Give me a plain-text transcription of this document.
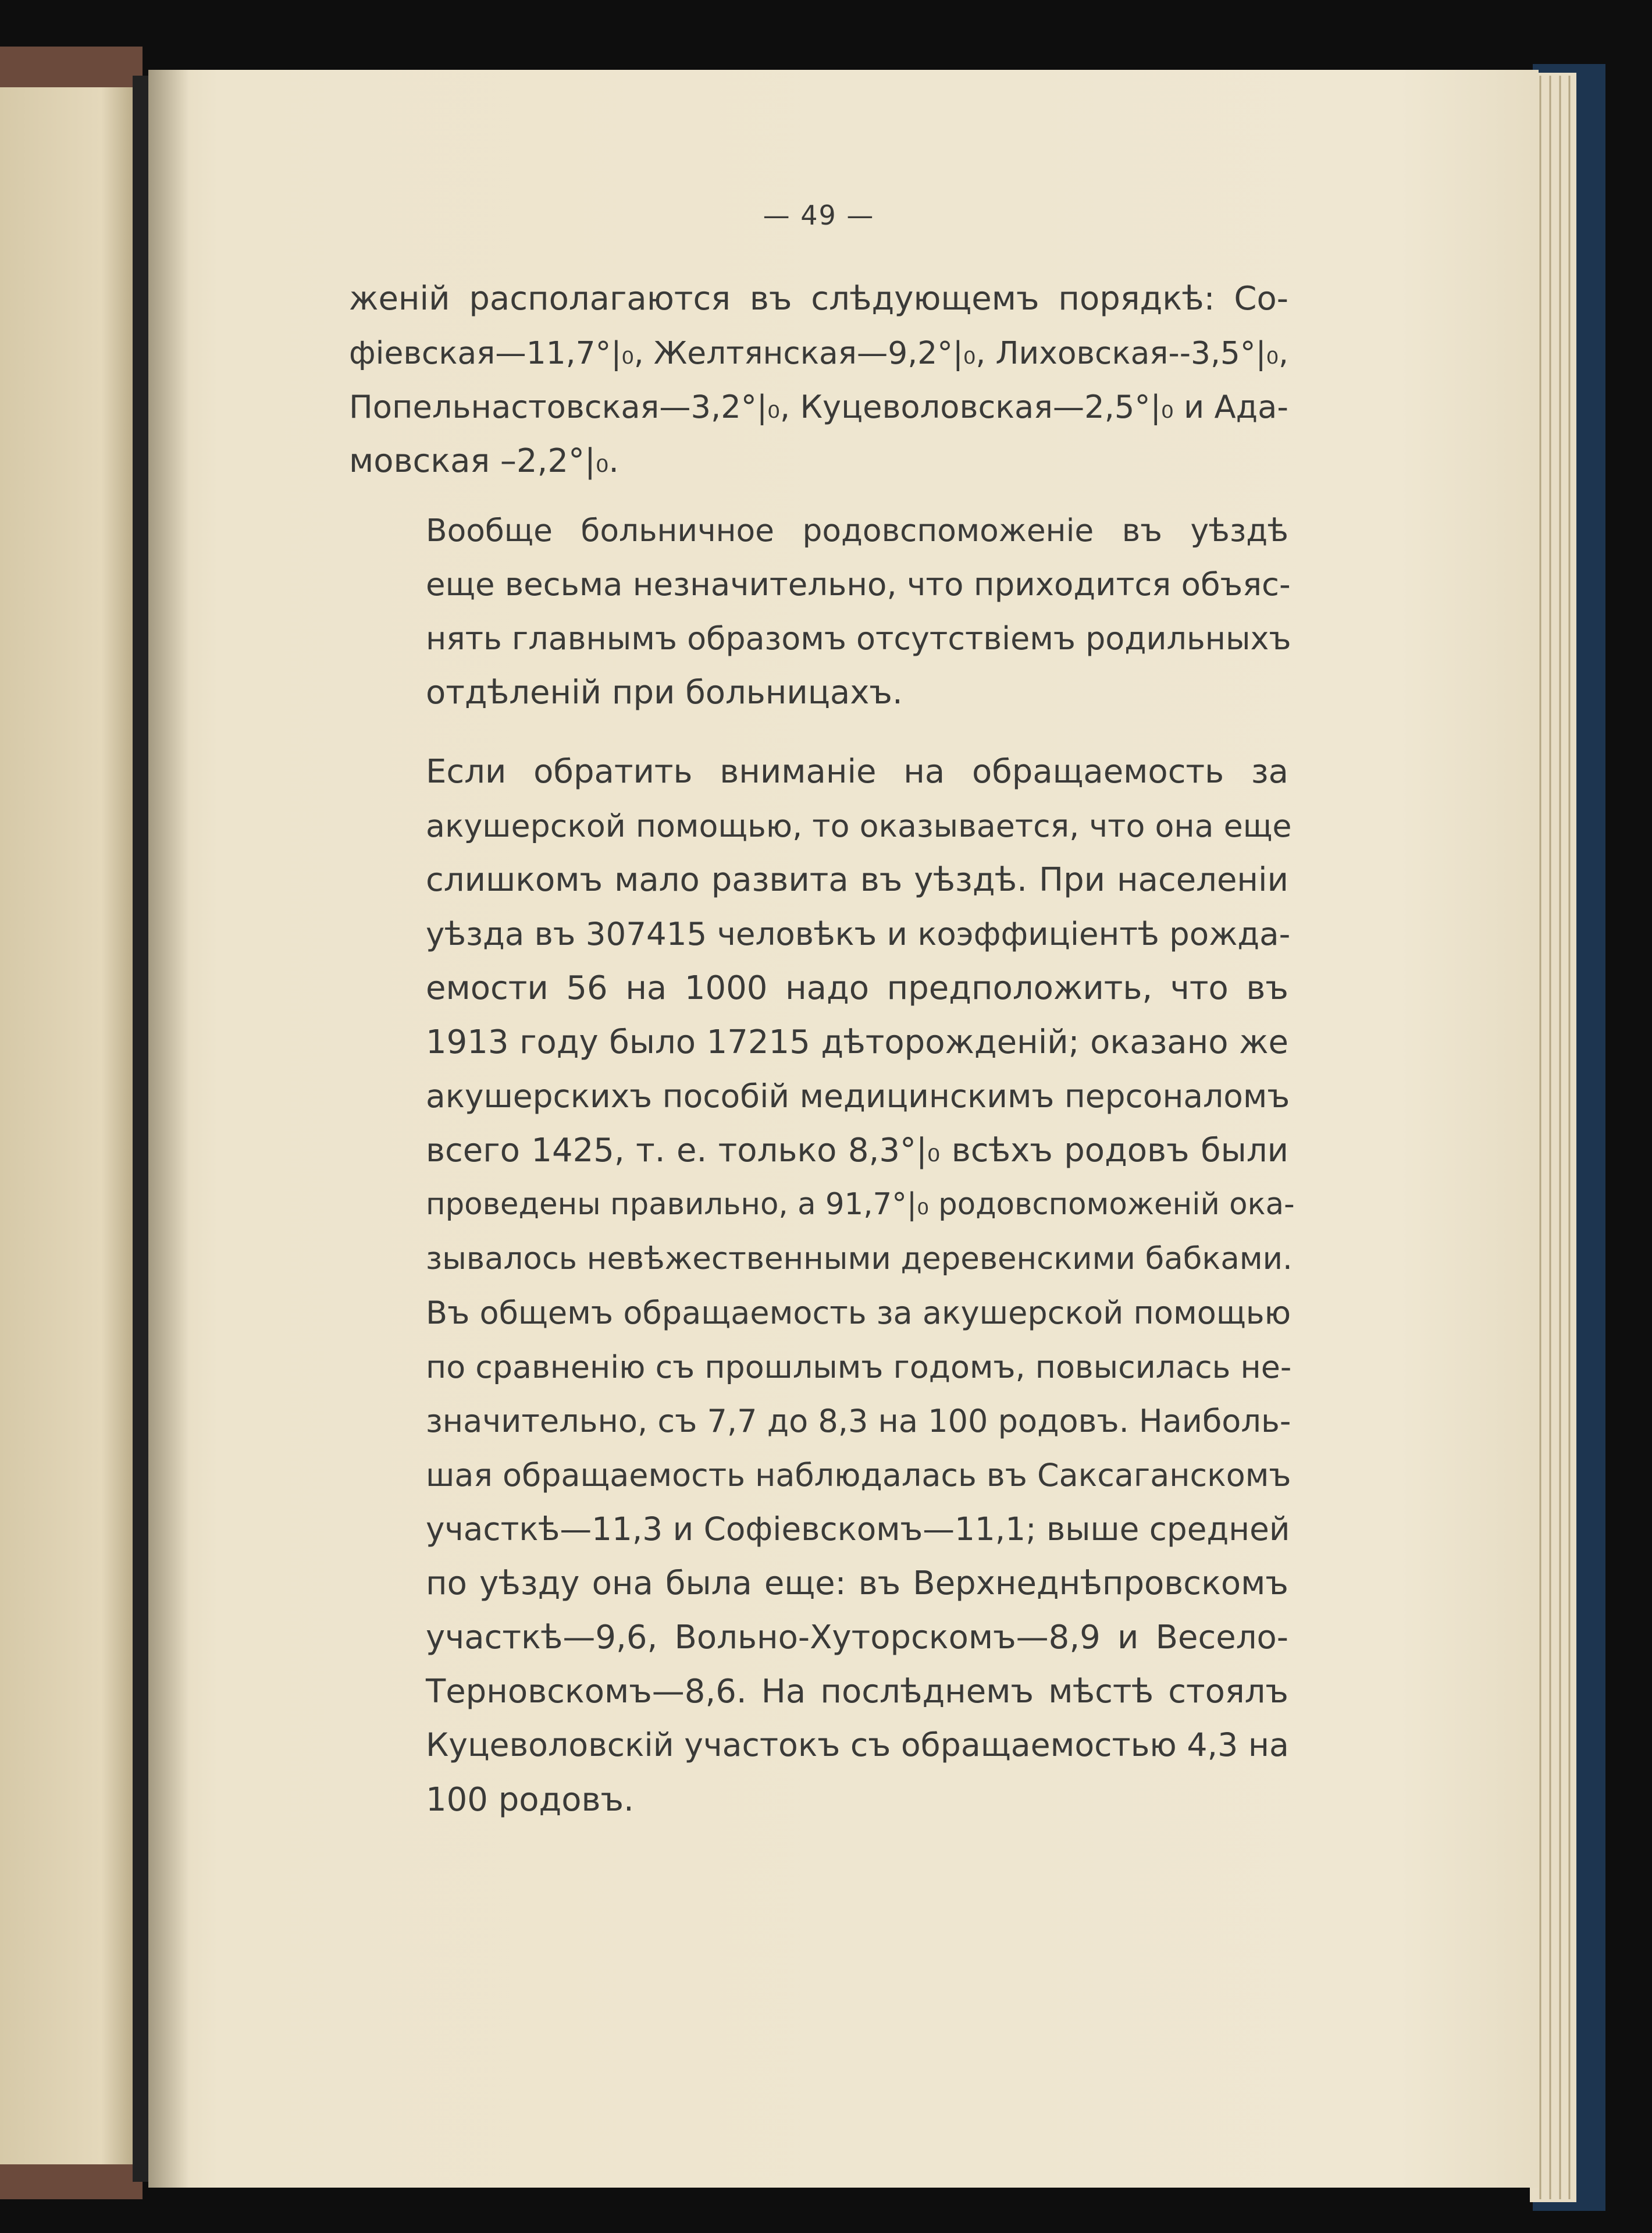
— 49 —
женій располагаются въ слѣдующемъ порядкѣ: Со-
фіевская—11,7°|₀, Желтянская—9,2°|₀, Лиховская--3,5°|₀,
Попельнастовская—3,2°|₀, Куцеволовская—2,5°|₀ и Ада-
мовская –2,2°|₀.
Вообще больничное родовспоможеніе въ уѣздѣ
еще весьма незначительно, что приходится объяс-
нять главнымъ образомъ отсутствіемъ родильныхъ
отдѣленій при больницахъ.
Если обратить вниманіе на обращаемость за
акушерской помощью, то оказывается, что она еще
слишкомъ мало развита въ уѣздѣ. При населеніи
уѣзда въ 307415 человѣкъ и коэффиціентѣ рожда-
емости 56 на 1000 надо предположить, что въ
1913 году было 17215 дѣторожденій; оказано же
акушерскихъ пособій медицинскимъ персоналомъ
всего 1425, т. е. только 8,3°|₀ всѣхъ родовъ были
проведены правильно, а 91,7°|₀ родовспоможеній ока-
зывалось невѣжественными деревенскими бабками.
Въ общемъ обращаемость за акушерской помощью
по сравненію съ прошлымъ годомъ, повысилась не-
значительно, съ 7,7 до 8,3 на 100 родовъ. Наиболь-
шая обращаемость наблюдалась въ Саксаганскомъ
участкѣ—11,3 и Софіевскомъ—11,1; выше средней
по уѣзду она была еще: въ Верхнеднѣпровскомъ
участкѣ—9,6, Вольно-Хуторскомъ—8,9 и Весело-
Терновскомъ—8,6. На послѣднемъ мѣстѣ стоялъ
Куцеволовскій участокъ съ обращаемостью 4,3 на
100 родовъ.
